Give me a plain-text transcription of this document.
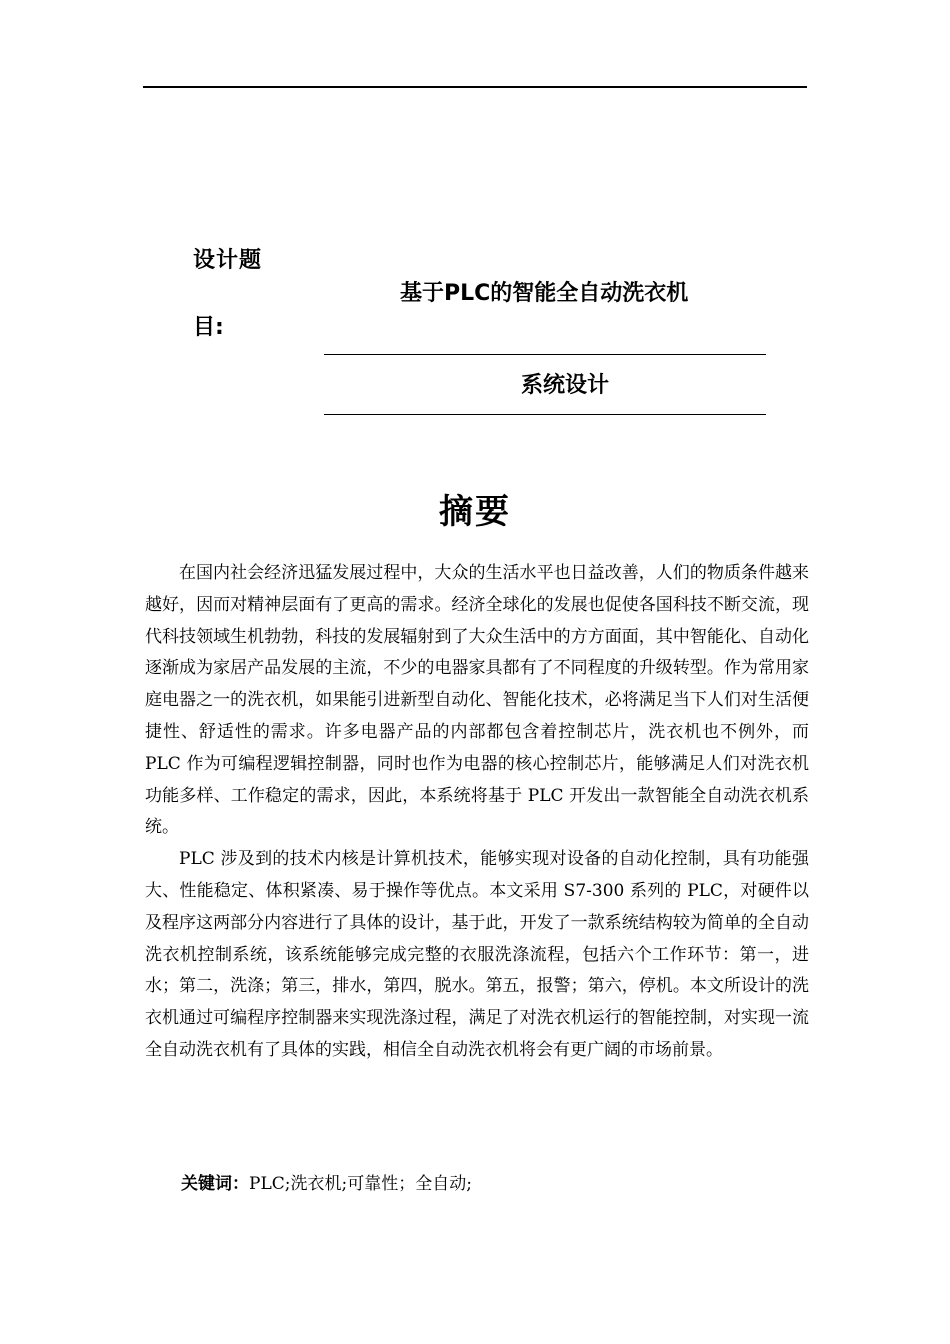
设计题
目:
基于PLC的智能全自动洗衣机
系统设计
摘要

在国内社会经济迅猛发展过程中，大众的生活水平也日益改善，人们的物质条件越来越好，因而对精神层面有了更高的需求。经济全球化的发展也促使各国科技不断交流，现代科技领域生机勃勃，科技的发展辐射到了大众生活中的方方面面，其中智能化、自动化逐渐成为家居产品发展的主流，不少的电器家具都有了不同程度的升级转型。作为常用家庭电器之一的洗衣机，如果能引进新型自动化、智能化技术，必将满足当下人们对生活便捷性、舒适性的需求。许多电器产品的内部都包含着控制芯片，洗衣机也不例外，而 PLC 作为可编程逻辑控制器，同时也作为电器的核心控制芯片，能够满足人们对洗衣机功能多样、工作稳定的需求，因此，本系统将基于 PLC 开发出一款智能全自动洗衣机系统。

PLC 涉及到的技术内核是计算机技术，能够实现对设备的自动化控制，具有功能强大、性能稳定、体积紧凑、易于操作等优点。本文采用 S7-300 系列的 PLC，对硬件以及程序这两部分内容进行了具体的设计，基于此，开发了一款系统结构较为简单的全自动洗衣机控制系统，该系统能够完成完整的衣服洗涤流程，包括六个工作环节：第一，进水；第二，洗涤；第三，排水，第四，脱水。第五，报警；第六，停机。本文所设计的洗衣机通过可编程序控制器来实现洗涤过程，满足了对洗衣机运行的智能控制，对实现一流全自动洗衣机有了具体的实践，相信全自动洗衣机将会有更广阔的市场前景。

关键词：PLC;洗衣机;可靠性；全自动;
